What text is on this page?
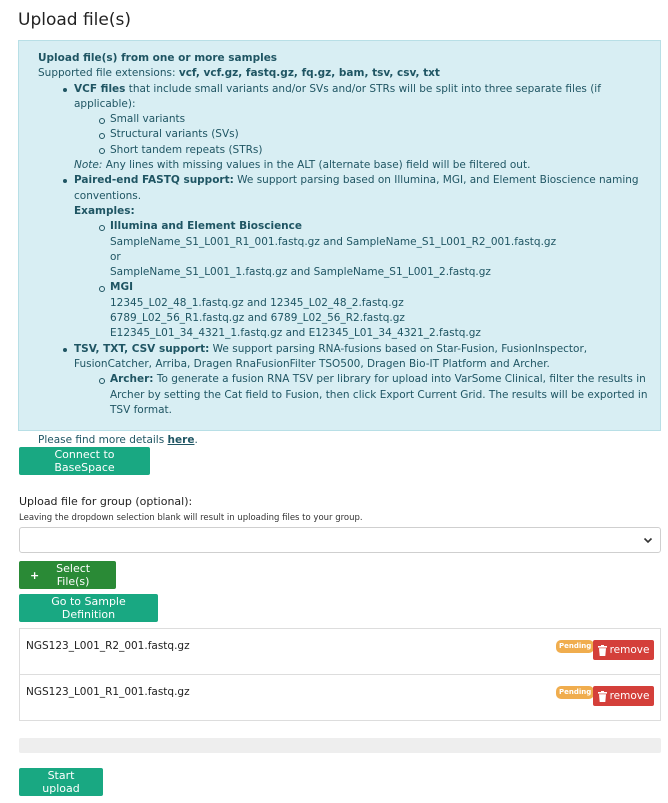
Upload file(s)
Upload file(s) from one or more samples
Supported file extensions: vcf, vcf.gz, fastq.gz, fq.gz, bam, tsv, csv, txt
VCF files that include small variants and/or SVs and/or STRs will be split into three separate files (if applicable):
Small variants
Structural variants (SVs)
Short tandem repeats (STRs)
Note: Any lines with missing values in the ALT (alternate base) field will be filtered out.
Paired-end FASTQ support: We support parsing based on Illumina, MGI, and Element Bioscience naming conventions.
Examples:
Illumina and Element Bioscience
SampleName_S1_L001_R1_001.fastq.gz and SampleName_S1_L001_R2_001.fastq.gz
or
SampleName_S1_L001_1.fastq.gz and SampleName_S1_L001_2.fastq.gz
MGI
12345_L02_48_1.fastq.gz and 12345_L02_48_2.fastq.gz
6789_L02_56_R1.fastq.gz and 6789_L02_56_R2.fastq.gz
E12345_L01_34_4321_1.fastq.gz and E12345_L01_34_4321_2.fastq.gz
TSV, TXT, CSV support: We support parsing RNA-fusions based on Star-Fusion, FusionInspector, FusionCatcher, Arriba, Dragen RnaFusionFilter TSO500, Dragen Bio-IT Platform and Archer.
Archer: To generate a fusion RNA TSV per library for upload into VarSome Clinical, filter the results in Archer by setting the Cat field to Fusion, then click Export Current Grid. The results will be exported in TSV format.
Please find more details here.
Connect to BaseSpace
Upload file for group (optional):
Leaving the dropdown selection blank will result in uploading files to your group.
+	Select File(s)
Go to Sample Definition
NGS123_L001_R2_001.fastq.gz	Pending remove
NGS123_L001_R1_001.fastq.gz	Pending remove
Start upload
